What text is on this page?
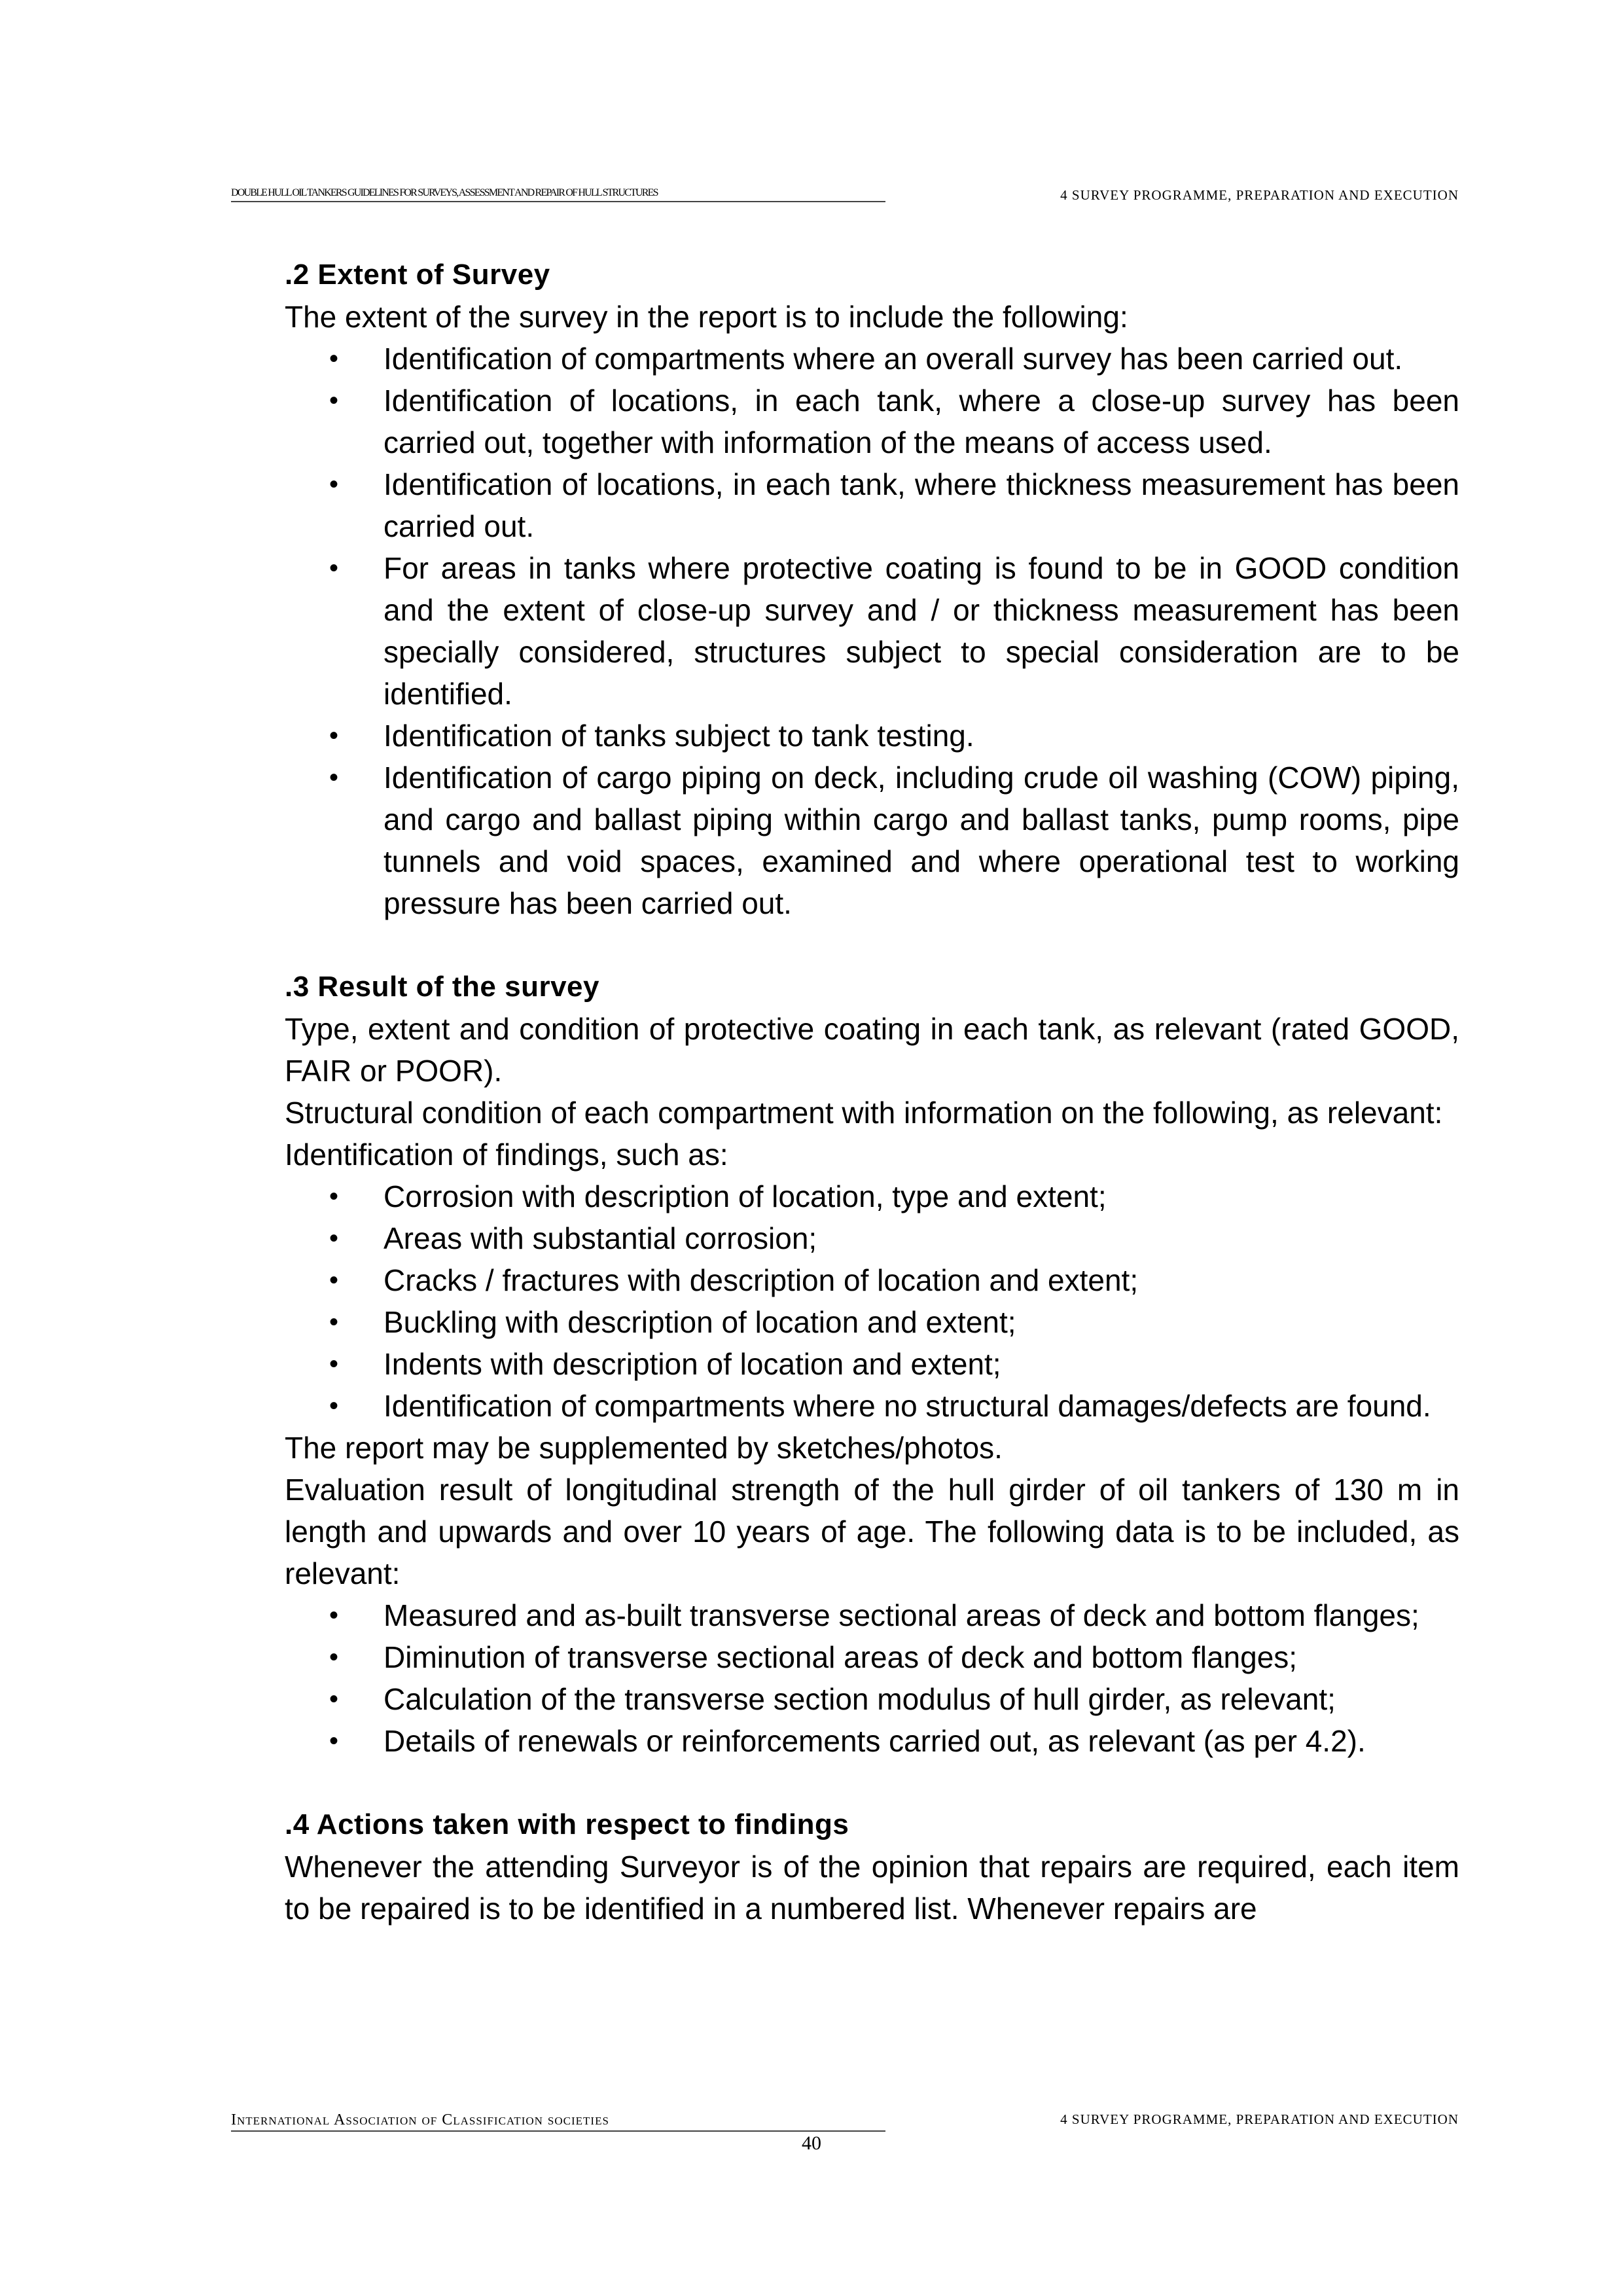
DOUBLE HULL OIL TANKERS GUIDELINES FOR SURVEYS, ASSESSMENT AND REPAIR OF HULL STRUCTURES	4 SURVEY PROGRAMME, PREPARATION AND EXECUTION
.2 Extent of Survey

The extent of the survey in the report is to include the following:

• Identification of compartments where an overall survey has been carried out.
• Identification of locations, in each tank, where a close-up survey has been carried out, together with information of the means of access used.
• Identification of locations, in each tank, where thickness measurement has been carried out.
• For areas in tanks where protective coating is found to be in GOOD condition and the extent of close-up survey and / or thickness measurement has been specially considered, structures subject to special consideration are to be identified.
• Identification of tanks subject to tank testing.
• Identification of cargo piping on deck, including crude oil washing (COW) piping, and cargo and ballast piping within cargo and ballast tanks, pump rooms, pipe tunnels and void spaces, examined and where operational test to working pressure has been carried out.
.3 Result of the survey

Type, extent and condition of protective coating in each tank, as relevant (rated GOOD, FAIR or POOR).

Structural condition of each compartment with information on the following, as relevant:

Identification of findings, such as:

• Corrosion with description of location, type and extent;
• Areas with substantial corrosion;
• Cracks / fractures with description of location and extent;
• Buckling with description of location and extent;
• Indents with description of location and extent;
• Identification of compartments where no structural damages/defects are found.

The report may be supplemented by sketches/photos.

Evaluation result of longitudinal strength of the hull girder of oil tankers of 130 m in length and upwards and over 10 years of age. The following data is to be included, as relevant:

• Measured and as-built transverse sectional areas of deck and bottom flanges;
• Diminution of transverse sectional areas of deck and bottom flanges;
• Calculation of the transverse section modulus of hull girder, as relevant;
• Details of renewals or reinforcements carried out, as relevant (as per 4.2).
.4 Actions taken with respect to findings

Whenever the attending Surveyor is of the opinion that repairs are required, each item to be repaired is to be identified in a numbered list. Whenever repairs are

International Association of Classification societies	4 SURVEY PROGRAMME, PREPARATION AND EXECUTION
40
